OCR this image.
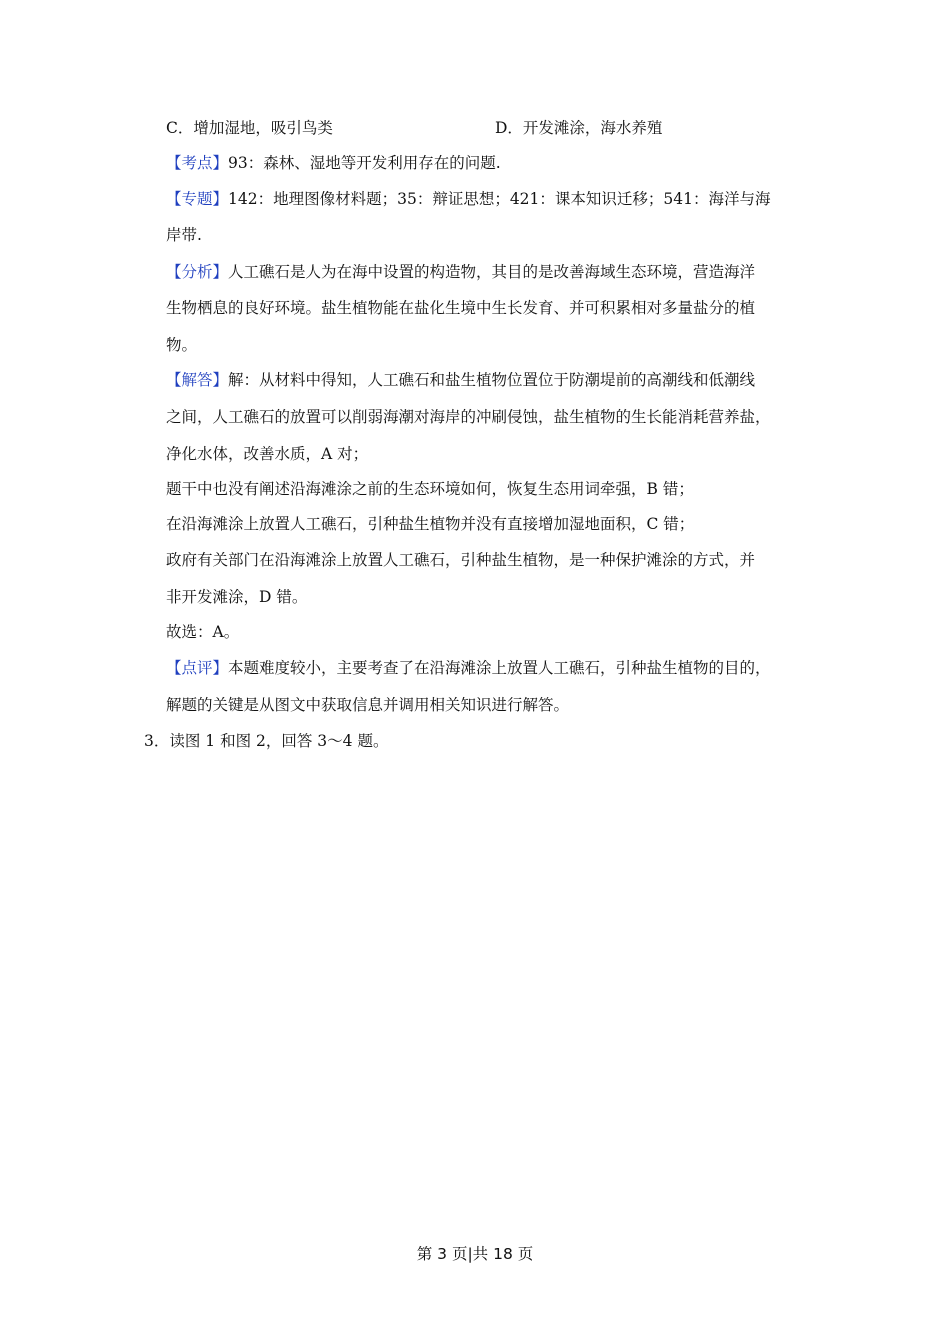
C．增加湿地，吸引鸟类	D．开发滩涂，海水养殖
【考点】93：森林、湿地等开发利用存在的问题.
【专题】142：地理图像材料题；35：辩证思想；421：课本知识迁移；541：海洋与海
岸带.
【分析】人工礁石是人为在海中设置的构造物，其目的是改善海域生态环境，营造海洋
生物栖息的良好环境。盐生植物能在盐化生境中生长发育、并可积累相对多量盐分的植
物。
【解答】解：从材料中得知，人工礁石和盐生植物位置位于防潮堤前的高潮线和低潮线
之间，人工礁石的放置可以削弱海潮对海岸的冲刷侵蚀，盐生植物的生长能消耗营养盐，
净化水体，改善水质，A 对；
题干中也没有阐述沿海滩涂之前的生态环境如何，恢复生态用词牵强，B 错；
在沿海滩涂上放置人工礁石，引种盐生植物并没有直接增加湿地面积，C 错；
政府有关部门在沿海滩涂上放置人工礁石，引种盐生植物，是一种保护滩涂的方式，并
非开发滩涂，D 错。
故选：A。
【点评】本题难度较小，主要考查了在沿海滩涂上放置人工礁石，引种盐生植物的目的，
解题的关键是从图文中获取信息并调用相关知识进行解答。
3．读图 1 和图 2，回答 3～4 题。
第 3 页|共 18 页
